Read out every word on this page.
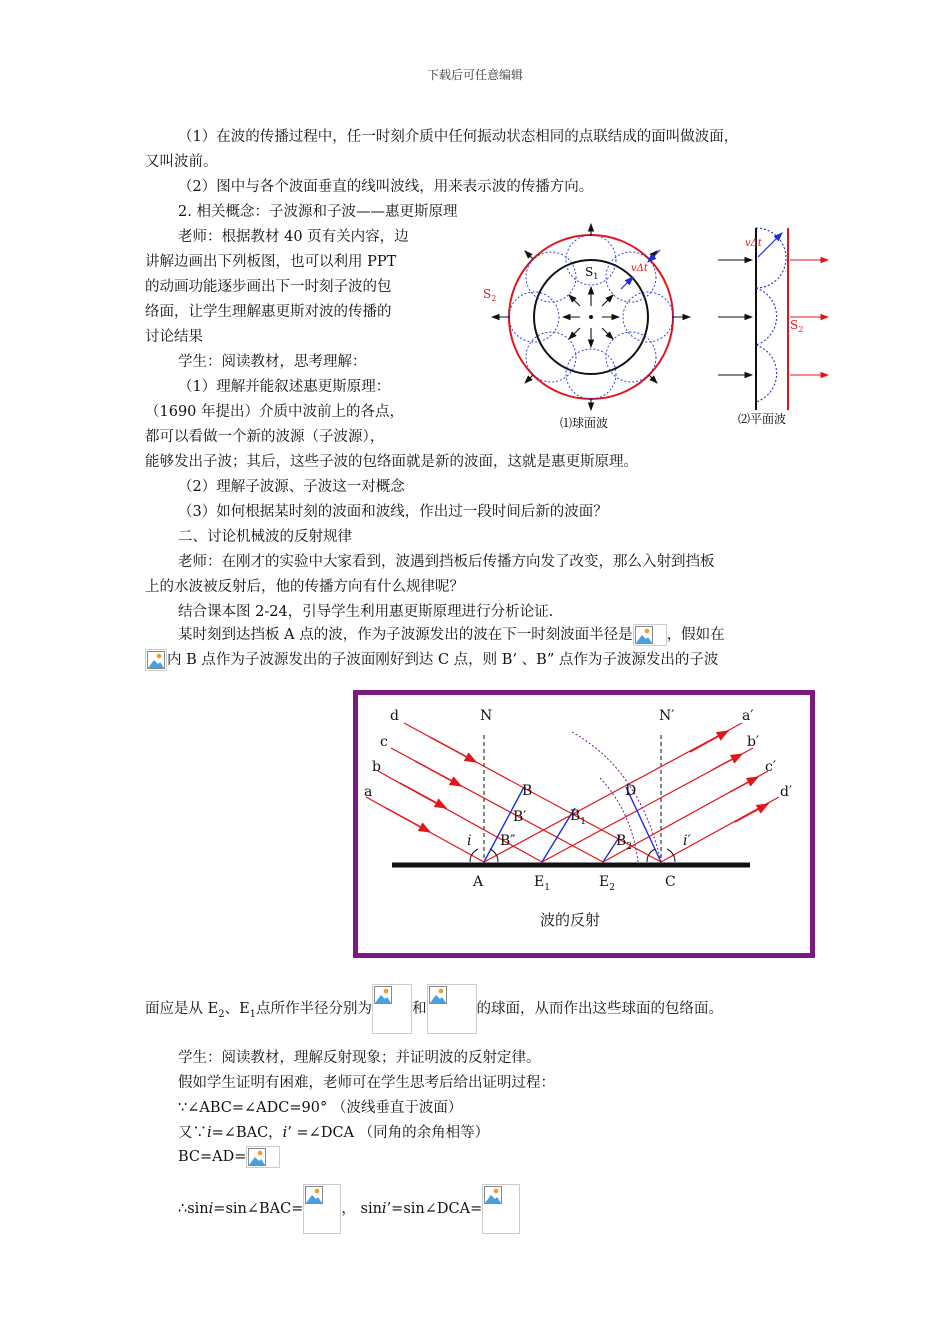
下载后可任意编辑
（1）在波的传播过程中，任一时刻介质中任何振动状态相同的点联结成的面叫做波面，
又叫波前。
（2）图中与各个波面垂直的线叫波线，用来表示波的传播方向。
2. 相关概念：子波源和子波——惠更斯原理
老师：根据教材 40 页有关内容，边
讲解边画出下列板图，也可以利用 PPT
的动画功能逐步画出下一时刻子波的包
络面，让学生理解惠更斯对波的传播的
讨论结果
学生：阅读教材，思考理解：
（1）理解并能叙述惠更斯原理：
（1690 年提出）介质中波前上的各点，
都可以看做一个新的波源（子波源），
能够发出子波；其后，这些子波的包络面就是新的波面，这就是惠更斯原理。
（2）理解子波源、子波这一对概念
（3）如何根据某时刻的波面和波线，作出过一段时间后新的波面？
二、讨论机械波的反射规律
老师：在刚才的实验中大家看到，波遇到挡板后传播方向发了改变，那么入射到挡板
上的水波被反射后，他的传播方向有什么规律呢？
结合课本图 2-24，引导学生利用惠更斯原理进行分析论证.
某时刻到达挡板 A 点的波，作为子波源发出的波在下一时刻波面半径是 ，假如在
内 B 点作为子波源发出的子波面刚好到达 C 点，则 B’ 、B” 点作为子波源发出的子波
$S_1$
$S_2$
vΔt
⑴球面波
vΔt
$S_2$
⑵平面波
d
c
b
a
N	N′	a′
b′
c′
d′
B
B′
B″
$B_1$
$B_2$
D
i	i′
A	$E_1$	$E_2$	C
波的反射
面应是从 $E_2$、$E_1$点所作半径分别为	和	的球面，从而作出这些球面的包络面。
学生：阅读教材，理解反射现象；并证明波的反射定律。
假如学生证明有困难，老师可在学生思考后给出证明过程：
∵∠ABC=∠ADC=90° （波线垂直于波面）
又∵i=∠BAC，i’ =∠DCA （同角的余角相等）
BC=AD=
∴sini=sin∠BAC=	， sini’=sin∠DCA=
